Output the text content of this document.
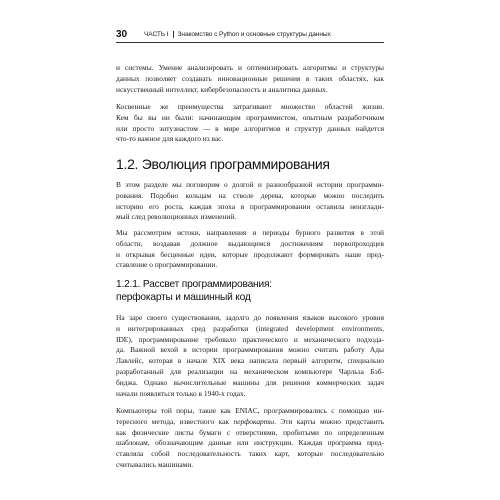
30	ЧАСТЬ I Знакомство с Python и основные структуры данных
и системы. Умение анализировать и оптимизировать алгоритмы и структуры
данных позволяет создавать инновационные решения в таких областях, как
искусственный интеллект, кибербезопасность и аналитика данных.
Косвенные же преимущества затрагивают множество областей жизни.
Кем бы вы ни были: начинающим программистом, опытным разработчиком
или просто энтузиастом — в мире алгоритмов и структур данных найдется
что-то важное для каждого из вас.
1.2. Эволюция программирования
В этом разделе мы поговорим о долгой и разнообразной истории программи-
рования. Подобно кольцам на стволе дерева, которые можно последить
историю его роста, каждая эпоха в программировании оставила неизглади-
мый след революционных изменений.
Мы рассмотрим истоки, направления и периоды бурного развития в этой
области, воздавая должное выдающимся достижениям первопроходцев
и открывая бесценные идеи, которые продолжают формировать наше пред-
ставление о программировании.
1.2.1. Рассвет программирования:
перфокарты и машинный код
На заре своего существования, задолго до появления языков высокого уровня
и интегрированных сред разработки (integrated development environments,
IDE), программирование требовало практического и механического подхода-
да. Важной вехой в истории программирования можно считать работу Ады
Лавлейс, которая в начале XIX века написала первый алгоритм, специально
разработанный для реализации на механическом компьютере Чарльза Бэб-
биджа. Однако вычислительные машины для решения коммерческих задач
начали появляться только в 1940-х годах.
Компьютеры той поры, такие как ENIAC, программировались с помощью ин-
тересного метода, известного как перфокарты. Эти карты можно представить
как физические листы бумаги с отверстиями, пробитыми по определенным
шаблонам, обозначающим данные или инструкции. Каждая программа пред-
ставляла собой последовательность таких карт, которые последовательно
считывались машинами.
